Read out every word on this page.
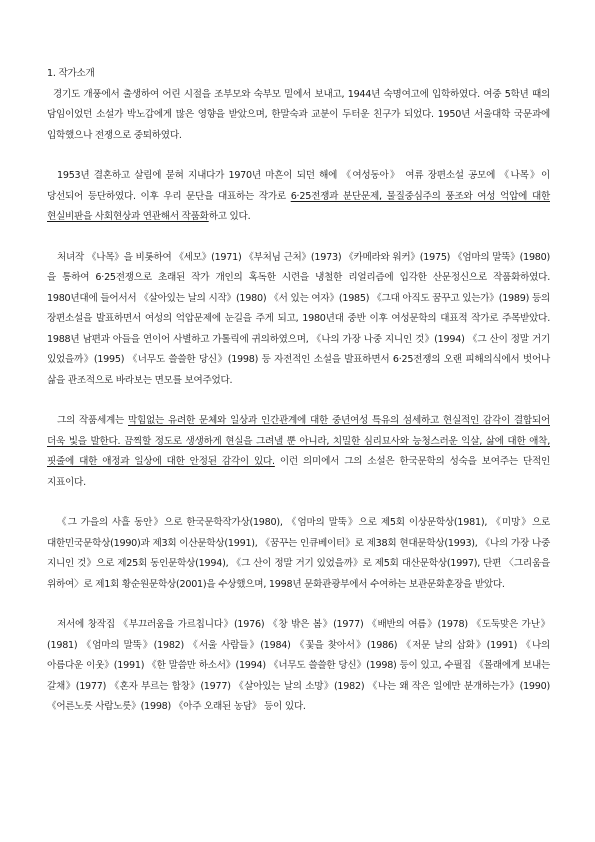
1. 작가소개

경기도 개풍에서 출생하여 어린 시절을 조부모와 숙부모 밑에서 보내고, 1944년 숙명여고에 입학하였다. 여중 5학년 때의 담임이었던 소설가 박노갑에게 많은 영향을 받았으며, 한말숙과 교분이 두터운 친구가 되었다. 1950년 서울대학 국문과에 입학했으나 전쟁으로 중퇴하였다.

1953년 결혼하고 살림에 묻혀 지내다가 1970년 마흔이 되던 해에 《여성동아》 여류 장편소설 공모에 《나목》이 당선되어 등단하였다. 이후 우리 문단을 대표하는 작가로 6·25전쟁과 분단문제, 물질중심주의 풍조와 여성 억압에 대한 현실비판을 사회현상과 연관해서 작품화하고 있다.

처녀작 《나목》을 비롯하여 《세모》(1971) 《부처님 근처》(1973) 《카메라와 워커》(1975) 《엄마의 말뚝》(1980)을 통하여 6·25전쟁으로 초래된 작가 개인의 혹독한 시련을 냉철한 리얼리즘에 입각한 산문정신으로 작품화하였다. 1980년대에 들어서서 《살아있는 날의 시작》(1980) 《서 있는 여자》(1985) 《그대 아직도 꿈꾸고 있는가》(1989) 등의 장편소설을 발표하면서 여성의 억압문제에 눈길을 주게 되고, 1980년대 중반 이후 여성문학의 대표적 작가로 주목받았다. 1988년 남편과 아들을 연이어 사별하고 가톨릭에 귀의하였으며, 《나의 가장 나중 지니인 것》(1994) 《그 산이 정말 거기 있었을까》(1995) 《너무도 쓸쓸한 당신》(1998) 등 자전적인 소설을 발표하면서 6·25전쟁의 오랜 피해의식에서 벗어나 삶을 관조적으로 바라보는 면모를 보여주었다.

그의 작품세계는 막힘없는 유려한 문체와 일상과 인간관계에 대한 중년여성 특유의 섬세하고 현실적인 감각이 결합되어 더욱 빛을 발한다. 끔찍할 정도로 생생하게 현실을 그려낼 뿐 아니라, 치밀한 심리묘사와 능청스러운 익살, 삶에 대한 애착, 핏줄에 대한 애정과 일상에 대한 안정된 감각이 있다. 이런 의미에서 그의 소설은 한국문학의 성숙을 보여주는 단적인 지표이다.

《그 가을의 사흘 동안》으로 한국문학작가상(1980), 《엄마의 말뚝》으로 제5회 이상문학상(1981), 《미망》으로 대한민국문학상(1990)과 제3회 이산문학상(1991), 《꿈꾸는 인큐베이터》로 제38회 현대문학상(1993), 《나의 가장 나중 지니인 것》으로 제25회 동인문학상(1994), 《그 산이 정말 거기 있었을까》로 제5회 대산문학상(1997), 단편 〈그리움을 위하여〉로 제1회 황순원문학상(2001)을 수상했으며, 1998년 문화관광부에서 수여하는 보관문화훈장을 받았다.

저서에 창작집 《부끄러움을 가르칩니다》(1976) 《창 밖은 봄》(1977) 《배반의 여름》(1978) 《도둑맞은 가난》(1981) 《엄마의 말뚝》(1982) 《서울 사람들》(1984) 《꽃을 찾아서》(1986) 《저문 날의 삽화》(1991) 《나의 아름다운 이웃》(1991) 《한 말씀만 하소서》(1994) 《너무도 쓸쓸한 당신》(1998) 등이 있고, 수필집 《몰래에게 보내는 갈채》(1977) 《혼자 부르는 합창》(1977) 《살아있는 날의 소망》(1982) 《나는 왜 작은 일에만 분개하는가》(1990) 《어른노릇 사람노릇》(1998) 《아주 오래된 농담》 등이 있다.
